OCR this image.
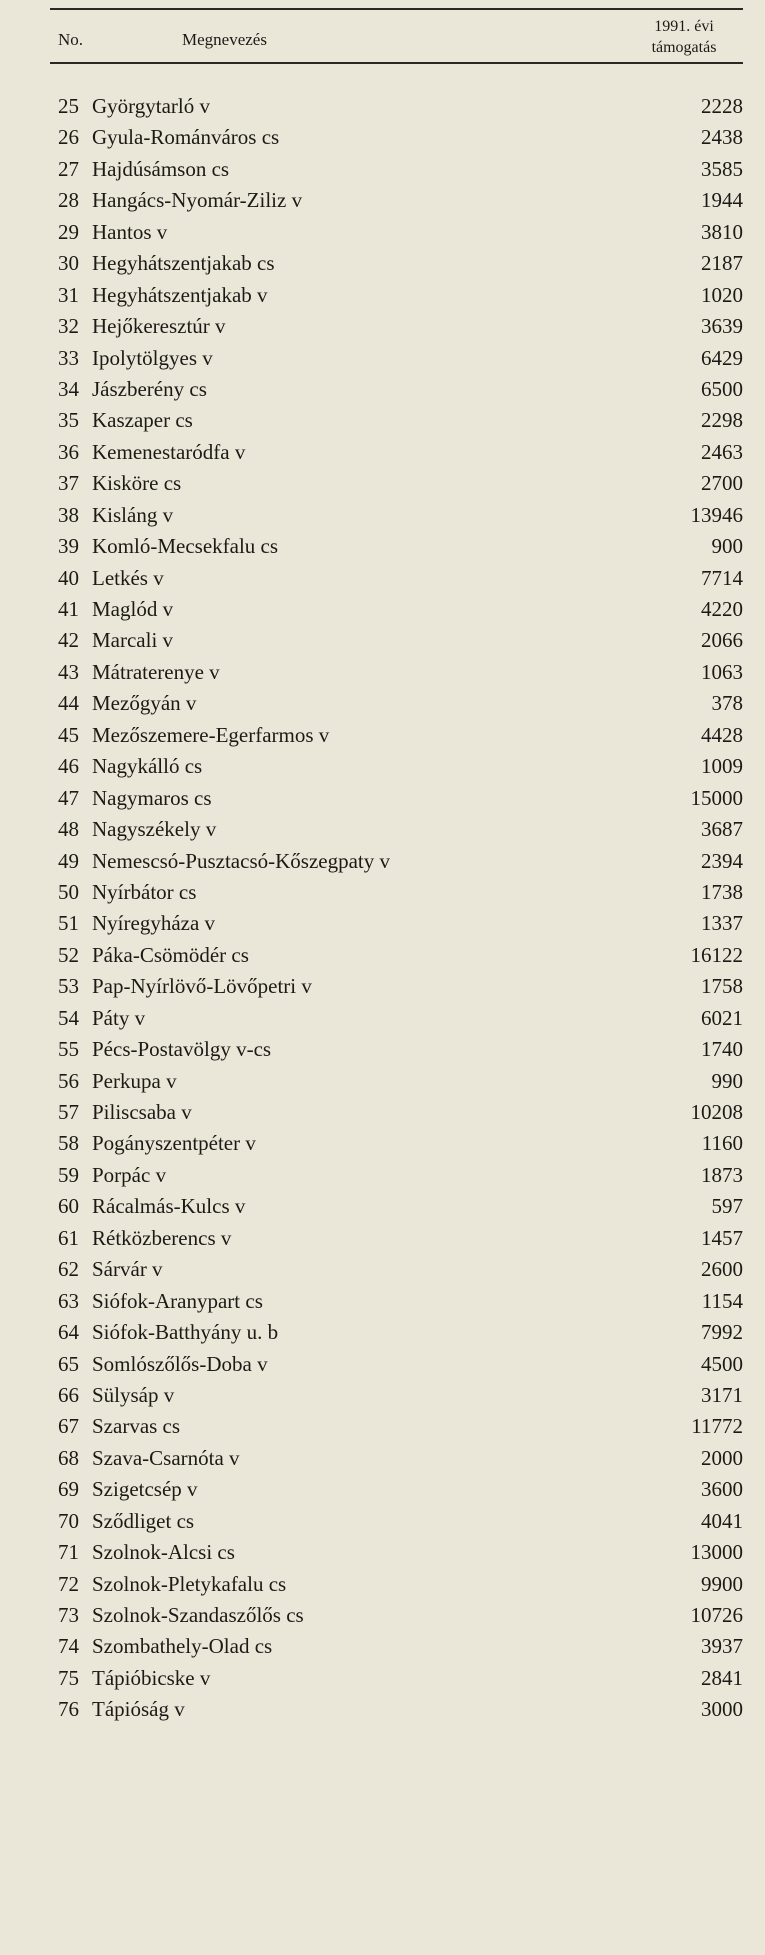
No.	Megnevezés
1991. évi
támogatás
25 Györgytarló v	2228
26 Gyula-Románváros cs	2438
27 Hajdúsámson cs	3585
28 Hangács-Nyomár-Ziliz v	1944
29 Hantos v	3810
30 Hegyhátszentjakab cs	2187
31 Hegyhátszentjakab v	1020
32 Hejőkeresztúr v	3639
33 Ipolytölgyes v	6429
34 Jászberény cs	6500
35 Kaszaper cs	2298
36 Kemenestaródfa v	2463
37 Kisköre cs	2700
38 Kisláng v	13946
39 Komló-Mecsekfalu cs	900
40 Letkés v	7714
41 Maglód v	4220
42 Marcali v	2066
43 Mátraterenye v	1063
44 Mezőgyán v	378
45 Mezőszemere-Egerfarmos v	4428
46 Nagykálló cs	1009
47 Nagymaros cs	15000
48 Nagyszékely v	3687
49 Nemescsó-Pusztacsó-Kőszegpaty v	2394
50 Nyírbátor cs	1738
51 Nyíregyháza v	1337
52 Páka-Csömödér cs	16122
53 Pap-Nyírlövő-Lövőpetri v	1758
54 Páty v	6021
55 Pécs-Postavölgy v-cs	1740
56 Perkupa v	990
57 Piliscsaba v	10208
58 Pogányszentpéter v	1160
59 Porpác v	1873
60 Rácalmás-Kulcs v	597
61 Rétközberencs v	1457
62 Sárvár v	2600
63 Siófok-Aranypart cs	1154
64 Siófok-Batthyány u. b	7992
65 Somlószőlős-Doba v	4500
66 Sülysáp v	3171
67 Szarvas cs	11772
68 Szava-Csarnóta v	2000
69 Szigetcsép v	3600
70 Sződliget cs	4041
71 Szolnok-Alcsi cs	13000
72 Szolnok-Pletykafalu cs	9900
73 Szolnok-Szandaszőlős cs	10726
74 Szombathely-Olad cs	3937
75 Tápióbicske v	2841
76 Tápióság v	3000
